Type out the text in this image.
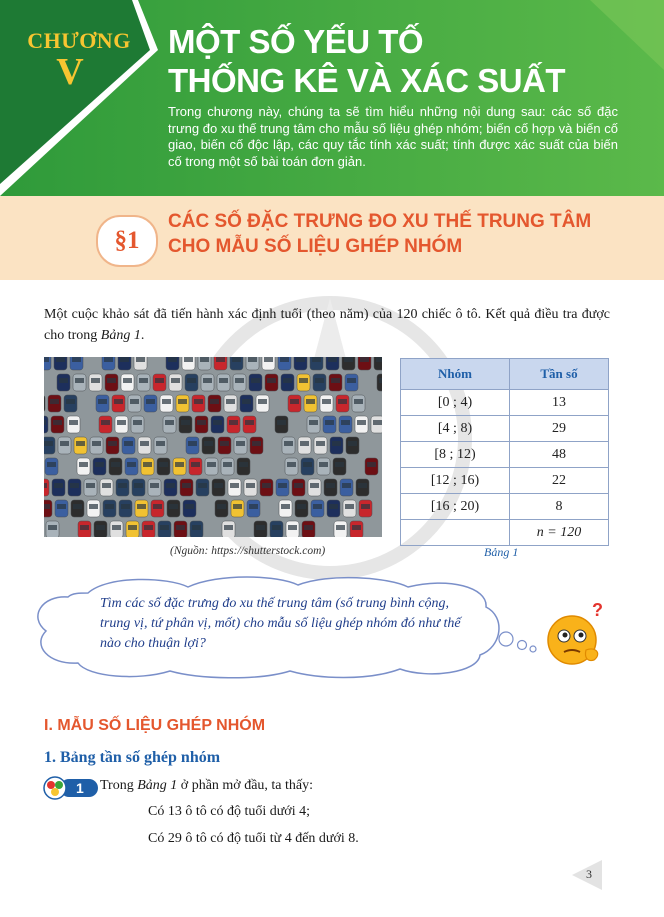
CHƯƠNG
V
MỘT SỐ YẾU TỐ
THỐNG KÊ VÀ XÁC SUẤT
Trong chương này, chúng ta sẽ tìm hiểu những nội dung sau: các số đặc trưng đo xu thế trung tâm cho mẫu số liệu ghép nhóm; biến cố hợp và biến cố giao, biến cố độc lập, các quy tắc tính xác suất; tính được xác suất của biến cố trong một số bài toán đơn giản.
§1
CÁC SỐ ĐẶC TRƯNG ĐO XU THẾ TRUNG TÂM
CHO MẪU SỐ LIỆU GHÉP NHÓM
Một cuộc khảo sát đã tiến hành xác định tuổi (theo năm) của 120 chiếc ô tô. Kết quả điều tra được cho trong Bảng 1.
(Nguồn: https://shutterstock.com)
Nhóm	Tần số
[0 ; 4)	13
[4 ; 8)	29
[8 ; 12)	48
[12 ; 16)	22
[16 ; 20)	8
	n = 120
Bảng 1
Tìm các số đặc trưng đo xu thế trung tâm (số trung bình cộng, trung vị, tứ phân vị, mốt) cho mẫu số liệu ghép nhóm đó như thế nào cho thuận lợi?
?
I. MẪU SỐ LIỆU GHÉP NHÓM
1. Bảng tần số ghép nhóm
1 Trong Bảng 1 ở phần mở đầu, ta thấy:
Có 13 ô tô có độ tuổi dưới 4;
Có 29 ô tô có độ tuổi từ 4 đến dưới 8.
3
